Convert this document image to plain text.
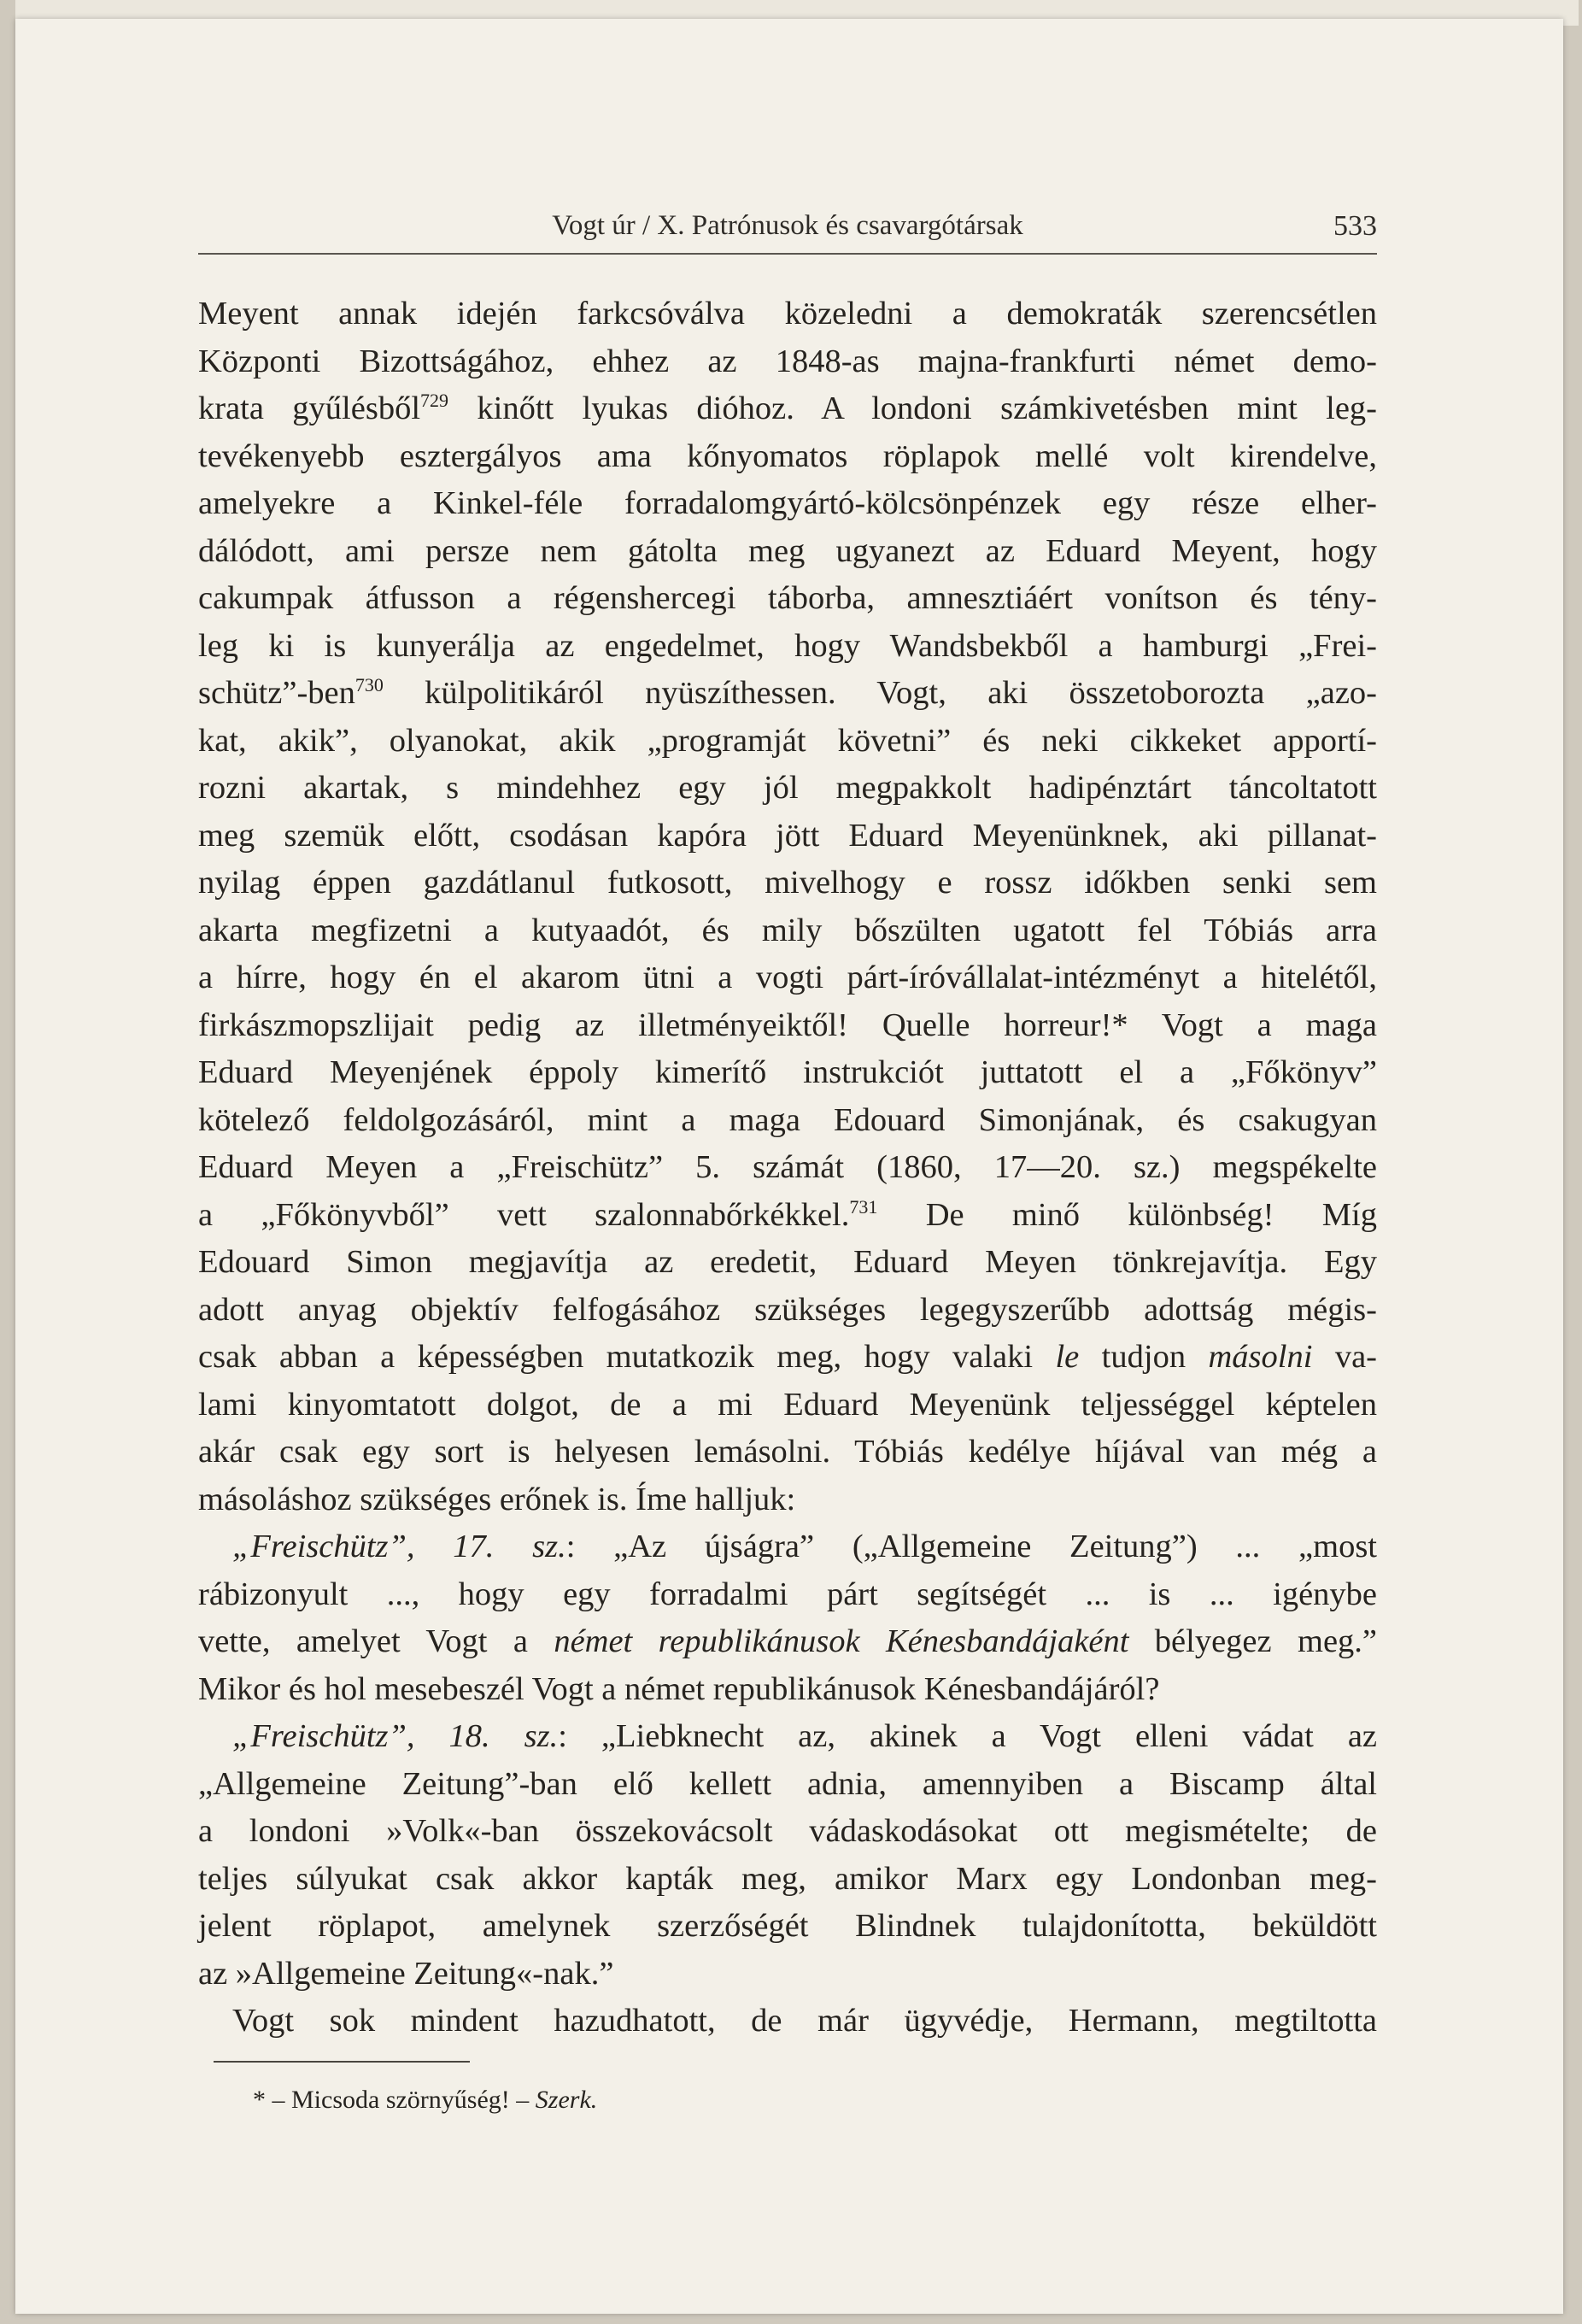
Vogt úr / X. Patrónusok és csavargótársak	533
Meyent annak idején farkcsóválva közeledni a demokraták szerencsétlen
Központi Bizottságához, ehhez az 1848-as majna-frankfurti német demo-
krata gyűlésből$^{729}$ kinőtt lyukas dióhoz. A londoni számkivetésben mint leg-
tevékenyebb esztergályos ama kőnyomatos röplapok mellé volt kirendelve,
amelyekre a Kinkel-féle forradalomgyártó-kölcsönpénzek egy része elher-
dálódott, ami persze nem gátolta meg ugyanezt az Eduard Meyent, hogy
cakumpak átfusson a régenshercegi táborba, amnesztiáért vonítson és tény-
leg ki is kunyerálja az engedelmet, hogy Wandsbekből a hamburgi „Frei-
schütz”-ben$^{730}$ külpolitikáról nyüszíthessen. Vogt, aki összetoborozta „azo-
kat, akik”, olyanokat, akik „programját követni” és neki cikkeket apportí-
rozni akartak, s mindehhez egy jól megpakkolt hadipénztárt táncoltatott
meg szemük előtt, csodásan kapóra jött Eduard Meyenünknek, aki pillanat-
nyilag éppen gazdátlanul futkosott, mivelhogy e rossz időkben senki sem
akarta megfizetni a kutyaadót, és mily bőszülten ugatott fel Tóbiás arra
a hírre, hogy én el akarom ütni a vogti párt-íróvállalat-intézményt a hitelétől,
firkászmopszlijait pedig az illetményeiktől! Quelle horreur!* Vogt a maga
Eduard Meyenjének éppoly kimerítő instrukciót juttatott el a „Főkönyv”
kötelező feldolgozásáról, mint a maga Edouard Simonjának, és csakugyan
Eduard Meyen a „Freischütz” 5. számát (1860, 17—20. sz.) megspékelte
a „Főkönyvből” vett szalonnabőrkékkel.$^{731}$ De minő különbség! Míg
Edouard Simon megjavítja az eredetit, Eduard Meyen tönkrejavítja. Egy
adott anyag objektív felfogásához szükséges legegyszerűbb adottság mégis-
csak abban a képességben mutatkozik meg, hogy valaki le tudjon másolni va-
lami kinyomtatott dolgot, de a mi Eduard Meyenünk teljességgel képtelen
akár csak egy sort is helyesen lemásolni. Tóbiás kedélye híjával van még a
másoláshoz szükséges erőnek is. Íme halljuk:
„Freischütz”, 17. sz.: „Az újságra” („Allgemeine Zeitung”) ... „most
rábizonyult ..., hogy egy forradalmi párt segítségét ... is ... igénybe
vette, amelyet Vogt a német republikánusok Kénesbandájaként bélyegez meg.”
Mikor és hol mesebeszél Vogt a német republikánusok Kénesbandájáról?
„Freischütz”, 18. sz.: „Liebknecht az, akinek a Vogt elleni vádat az
„Allgemeine Zeitung”-ban elő kellett adnia, amennyiben a Biscamp által
a londoni »Volk«-ban összekovácsolt vádaskodásokat ott megismételte; de
teljes súlyukat csak akkor kapták meg, amikor Marx egy Londonban meg-
jelent röplapot, amelynek szerzőségét Blindnek tulajdonította, beküldött
az »Allgemeine Zeitung«-nak.”
Vogt sok mindent hazudhatott, de már ügyvédje, Hermann, megtiltotta
* – Micsoda szörnyűség! – Szerk.
